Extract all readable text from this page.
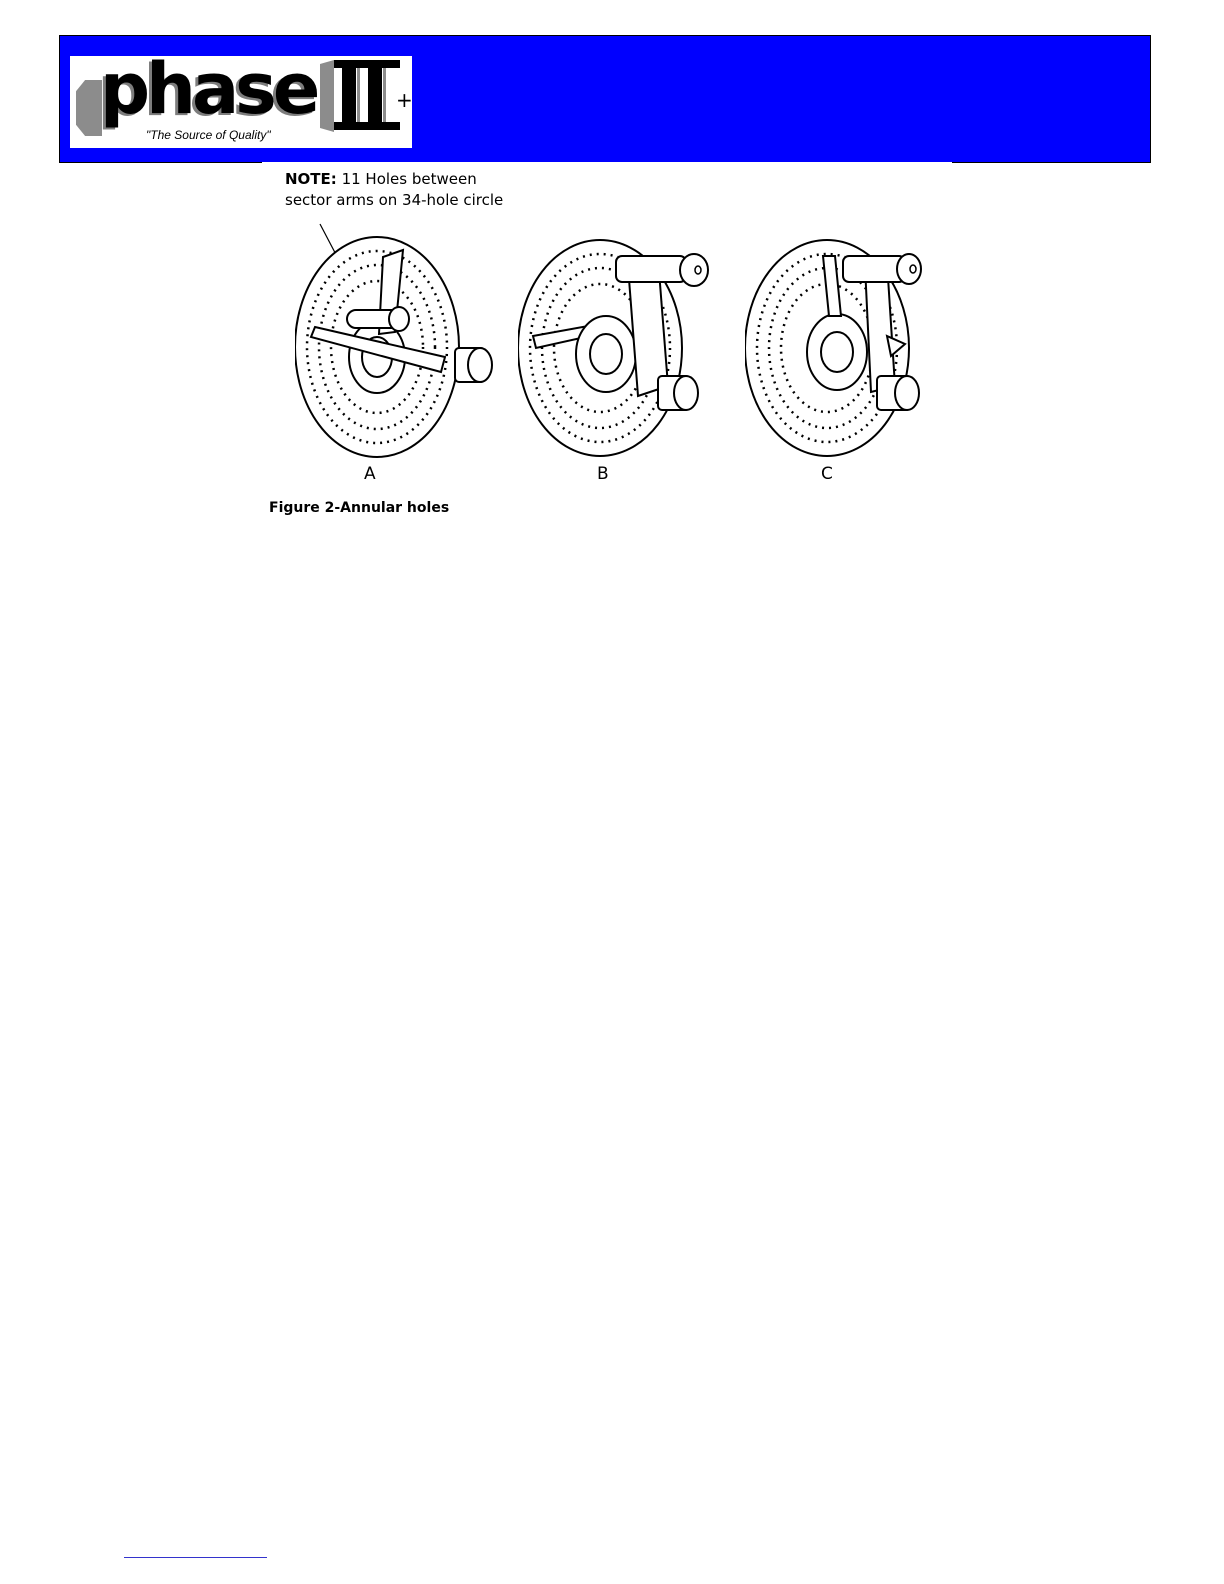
phase	+
"The Source of Quality"
NOTE: 11 Holes between
sector arms on 34-hole circle
A	B	C
Figure 2-Annular holes
